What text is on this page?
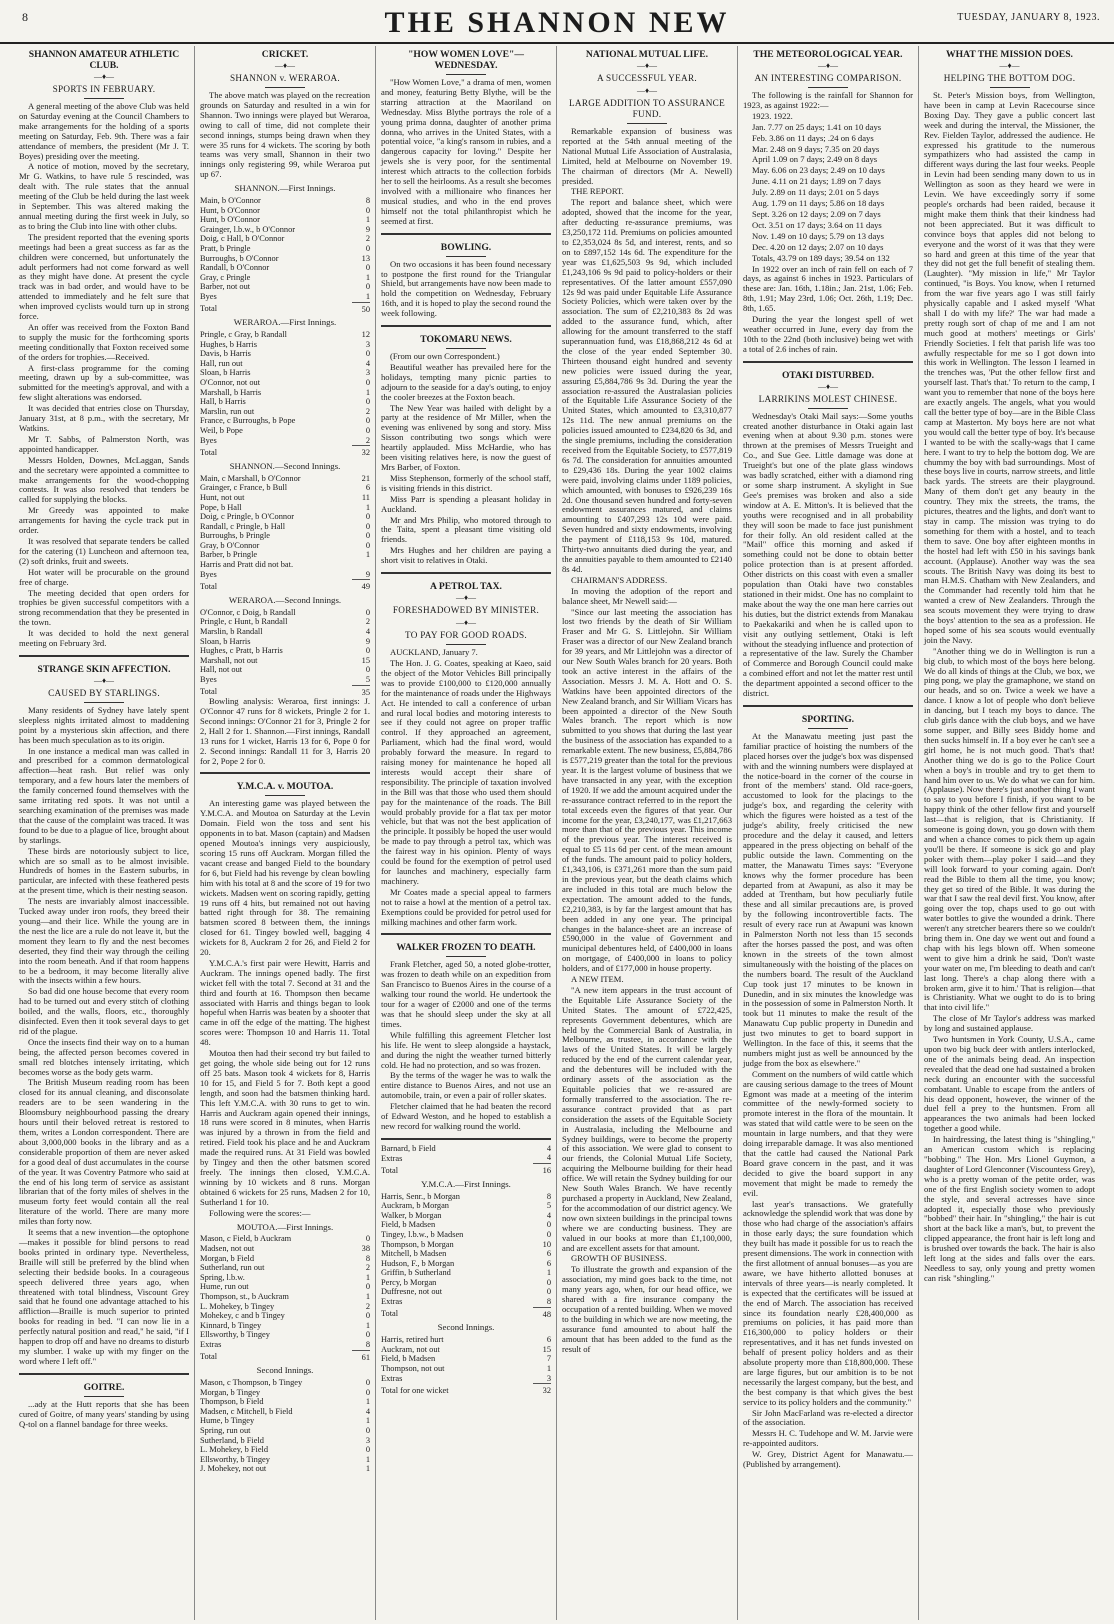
8	THE SHANNON NEW	TUESDAY, JANUARY 8, 1923.
SHANNON AMATEUR ATHLETIC CLUB.
—♦—
SPORTS IN FEBRUARY.

A general meeting of the above Club was held on Saturday evening at the Council Chambers to make arrangements for the holding of a sports meeting on Saturday, Feb. 9th. There was a fair attendance of members, the president (Mr J. T. Boyes) presiding over the meeting.

A notice of motion, moved by the secretary, Mr G. Watkins, to have rule 5 rescinded, was dealt with. The rule states that the annual meeting of the Club be held during the last week in September. This was altered making the annual meeting during the first week in July, so as to bring the Club into line with other clubs.

The president reported that the evening sports meetings had been a great success as far as the children were concerned, but unfortunately the adult performers had not come forward as well as they might have done. At present the cycle track was in bad order, and would have to be attended to immediately and he felt sure that when improved cyclists would turn up in strong force.

An offer was received from the Foxton Band to supply the music for the forthcoming sports meeting conditionally that Foxton received some of the orders for trophies.—Received.

A first-class programme for the coming meeting, drawn up by a sub-committee, was submitted for the meeting's approval, and with a few slight alterations was endorsed.

It was decided that entries close on Thursday, January 31st, at 8 p.m., with the secretary, Mr Watkins.

Mr T. Sabbs, of Palmerston North, was appointed handicapper.

Messrs Holden, Downes, McLaggan, Sands and the secretary were appointed a committee to make arrangements for the wood-chopping contests. It was also resolved that tenders be called for supplying the blocks.

Mr Greedy was appointed to make arrangements for having the cycle track put in order.

It was resolved that separate tenders be called for the catering (1) Luncheon and afternoon tea, (2) soft drinks, fruit and sweets.

Hot water will be procurable on the ground free of charge.

The meeting decided that open orders for trophies be given successful competitors with a strong recommendation that they be presented in the town.

It was decided to hold the next general meeting on February 3rd.

STRANGE SKIN AFFECTION.
—♦—
CAUSED BY STARLINGS.

Many residents of Sydney have lately spent sleepless nights irritated almost to maddening point by a mysterious skin affection, and there has been much speculation as to its origin.

In one instance a medical man was called in and prescribed for a common dermatological affection—heat rash. But relief was only temporary, and a few hours later the members of the family concerned found themselves with the same irritating red spots. It was not until a searching examination of the premises was made that the cause of the complaint was traced. It was found to be due to a plague of lice, brought about by starlings.

These birds are notoriously subject to lice, which are so small as to be almost invisible. Hundreds of homes in the Eastern suburbs, in particular, are infected with these feathered pests at the present time, which is their nesting season.

The nests are invariably almost inaccessible. Tucked away under iron roofs, they breed their young—and their lice. While the young are in the nest the lice are a rule do not leave it, but the moment they learn to fly and the nest becomes deserted, they find their way through the ceiling into the room beneath. And if that room happens to be a bedroom, it may become literally alive with the insects within a few hours.

So bad did one house become that every room had to be turned out and every stitch of clothing boiled, and the walls, floors, etc., thoroughly disinfected. Even then it took several days to get rid of the plague.

Once the insects find their way on to a human being, the affected person becomes covered in small red blotches intensely irritating, which becomes worse as the body gets warm.

The British Museum reading room has been closed for its annual cleaning, and disconsolate readers are to be seen wandering in the Bloomsbury neighbourhood passing the dreary hours until their beloved retreat is restored to them, writes a London correspondent. There are about 3,000,000 books in the library and as a considerable proportion of them are never asked for a good deal of dust accumulates in the course of the year. It was Coventry Patmore who said at the end of his long term of service as assistant librarian that of the forty miles of shelves in the museum forty feet would contain all the real literature of the world. There are many more miles than forty now.

It seems that a new invention—the optophone—makes it possible for blind persons to read books printed in ordinary type. Nevertheless, Braille will still be preferred by the blind when selecting their bedside books. In a courageous speech delivered three years ago, when threatened with total blindness, Viscount Grey said that he found one advantage attached to his affliction—Braille is much superior to printed books for reading in bed. "I can now lie in a perfectly natural position and read," he said, "if I happen to drop off and have no dreams to disturb my slumber. I wake up with my finger on the word where I left off."

GOITRE.

...ady at the Hutt reports that she has been cured of Goitre, of many years' standing by using Q-tol on a flannel bandage for three weeks.

CRICKET.
—♦—
SHANNON v. WERAROA.

The above match was played on the recreation grounds on Saturday and resulted in a win for Shannon. Two innings were played but Weraroa, owing to call of time, did not complete their second innings, stumps being drawn when they were 35 runs for 4 wickets. The scoring by both teams was very small, Shannon in their two innings only registering 99, while Weraroa put up 67.

SHANNON.—First Innings.
Main, b O'Connor	8
Hunt, b O'Connor	0
Hunt, b O'Connor	1
Grainger, l.b.w., b O'Connor	9
Doig, c Hall, b O'Connor	2
Pratt, b Pringle	0
Burroughs, b O'Connor	13
Randall, b O'Connor	0
Gray, c Pringle	1
Barber, not out	0
Byes	1
Total	50
WERAROA.—First Innings.
Pringle, c Gray, b Randall	12
Hughes, b Harris	3
Davis, b Harris	0
Hall, run out	4
Sloan, b Harris	3
O'Connor, not out	0
Marshall, b Harris	1
Hall, b Harris	0
Marslin, run out	2
France, c Burroughs, b Pope	0
Weil, b Pope	0
Byes	2
Total	32
SHANNON.—Second Innings.
Main, c Marshall, b O'Connor	21
Grainger, c France, b Bull	6
Hunt, not out	11
Pope, b Hall	1
Doig, c Pringle, b O'Connor	0
Randall, c Pringle, b Hall	0
Burroughs, b Pringle	0
Gray, b O'Connor	0
Barber, b Pringle	1
Harris and Pratt did not bat.	
Byes	9
Total	49
WERAROA.—Second Innings.
O'Connor, c Doig, b Randall	0
Pringle, c Hunt, b Randall	2
Marslin, b Randall	4
Sloan, b Harris	9
Hughes, c Pratt, b Harris	0
Marshall, not out	15
Hall, not out	0
Byes	5
Total	35

Bowling analysis: Weraroa, first innings: J. O'Connor 47 runs for 8 wickets, Pringle 2 for 1. Second innings: O'Connor 21 for 3, Pringle 2 for 2, Hall 2 for 1. Shannon.—First innings, Randall 13 runs for 1 wicket, Harris 13 for 6, Pope 0 for 2. Second innings: Randall 11 for 3, Harris 20 for 2, Pope 2 for 0.

Y.M.C.A. v. MOUTOA.

An interesting game was played between the Y.M.C.A. and Moutoa on Saturday at the Levin Domain. Field won the toss and sent his opponents in to bat. Mason (captain) and Madsen opened Moutoa's innings very auspiciously, scoring 15 runs off Auckram. Morgan filled the vacant crease and banged Field to the boundary for 6, but Field had his revenge by clean bowling him with his total at 8 and the score of 19 for two wickets. Madsen went on scoring rapidly, getting 19 runs off 4 hits, but remained not out having batted right through for 38. The remaining batsmen scored 8 between them, the innings closed for 61. Tingey bowled well, bagging 4 wickets for 8, Auckram 2 for 26, and Field 2 for 20.

Y.M.C.A.'s first pair were Hewitt, Harris and Auckram. The innings opened badly. The first wicket fell with the total 7. Second at 31 and the third and fourth at 16. Thompson then became associated with Harris and things began to look hopeful when Harris was beaten by a shooter that came in off the edge of the matting. The highest scores were: Thompson 10 and Harris 11. Total 48.

Moutoa then had their second try but failed to get going, the whole side being out for 12 runs off 25 bats. Mason took 4 wickets for 8, Harris 10 for 15, and Field 5 for 7. Both kept a good length, and soon had the batsmen thinking hard. This left Y.M.C.A. with 30 runs to get to win. Harris and Auckram again opened their innings, 18 runs were scored in 8 minutes, when Harris was injured by a thrown in from the field and retired. Field took his place and he and Auckram made the required runs. At 31 Field was bowled by Tingey and then the other batsmen scored freely. The innings then closed, Y.M.C.A. winning by 10 wickets and 8 runs. Morgan obtained 6 wickets for 25 runs, Madsen 2 for 10, Sutherland 1 for 10.

Following were the scores:—

MOUTOA.—First Innings.
Mason, c Field, b Auckram	0
Madsen, not out	38
Morgan, b Field	8
Sutherland, run out	2
Spring, l.b.w.	1
Hume, run out	0
Thompson, st., b Auckram	1
L. Mohekey, b Tingey	2
Mohekey, c and b Tingey	0
Kinnard, b Tingey	1
Ellsworthy, b Tingey	0
Extras	8
Total	61
Second Innings.
Mason, c Thompson, b Tingey	0
Morgan, b Tingey	0
Thompson, b Field	1
Madsen, c Mitchell, b Field	4
Hume, b Tingey	1
Spring, run out	0
Sutherland, b Field	3
L. Mohekey, b Field	0
Ellsworthy, b Tingey	1
J. Mohekey, not out	1
"HOW WOMEN LOVE"—WEDNESDAY.

"How Women Love," a drama of men, women and money, featuring Betty Blythe, will be the starring attraction at the Maoriland on Wednesday. Miss Blythe portrays the role of a young prima donna, daughter of another prima donna, who arrives in the United States, with a potential voice, "a king's ransom in rubies, and a dangerous capacity for loving." Despite her jewels she is very poor, for the sentimental interest which attracts to the collection forbids her to sell the heirlooms. As a result she becomes involved with a millionaire who finances her musical studies, and who in the end proves himself not the total philanthropist which he seemed at first.

BOWLING.

On two occasions it has been found necessary to postpone the first round for the Triangular Shield, but arrangements have now been made to hold the competition on Wednesday, February 16th, and it is hoped to play the second round the week following.

TOKOMARU NEWS.

(From our own Correspondent.)

Beautiful weather has prevailed here for the holidays, tempting many picnic parties to adjourn to the seaside for a day's outing, to enjoy the cooler breezes at the Foxton beach.

The New Year was hailed with delight by a party at the residence of Mr Miller, when the evening was enlivened by song and story. Miss Sisson contributing two songs which were heartily applauded. Miss McHardie, who has been visiting relatives here, is now the guest of Mrs Barber, of Foxton.

Miss Stephenson, formerly of the school staff, is visiting friends in this district.

Miss Parr is spending a pleasant holiday in Auckland.

Mr and Mrs Philip, who motored through to the Taita, spent a pleasant time visiting old friends.

Mrs Hughes and her children are paying a short visit to relatives in Otaki.

A PETROL TAX.
—♦—
FORESHADOWED BY MINISTER.
—♦—
TO PAY FOR GOOD ROADS.

AUCKLAND, January 7.

The Hon. J. G. Coates, speaking at Kaeo, said the object of the Motor Vehicles Bill principally was to provide £100,000 to £120,000 annually for the maintenance of roads under the Highways Act. He intended to call a conference of urban and rural local bodies and motoring interests to see if they could not agree on proper traffic control. If they approached an agreement, Parliament, which had the final word, would probably forward the measure. In regard to raising money for maintenance he hoped all interests would accept their share of responsibility. The principle of taxation involved in the Bill was that those who used them should pay for the maintenance of the roads. The Bill would probably provide for a flat tax per motor vehicle, but that was not the best application of the principle. It possibly be hoped the user would be made to pay through a petrol tax, which was the fairest way in his opinion. Plenty of ways could be found for the exemption of petrol used for launches and machinery, especially farm machinery.

Mr Coates made a special appeal to farmers not to raise a howl at the mention of a petrol tax. Exemptions could be provided for petrol used for milking machines and other farm work.

WALKER FROZEN TO DEATH.

Frank Fletcher, aged 50, a noted globe-trotter, was frozen to death while on an expedition from San Francisco to Buenos Aires in the course of a walking tour round the world. He undertook the tour for a wager of £2000 and one of the terms was that he should sleep under the sky at all times.

While fulfilling this agreement Fletcher lost his life. He went to sleep alongside a haystack, and during the night the weather turned bitterly cold. He had no protection, and so was frozen.

By the terms of the wager he was to walk the entire distance to Buenos Aires, and not use an automobile, train, or even a pair of roller skates.

Fletcher claimed that he had beaten the record of Edward Weston, and he hoped to establish a new record for walking round the world.

Barnard, b Field	4
Extras	4
Total	16
Y.M.C.A.—First Innings.
Harris, Senr., b Morgan	8
Auckram, b Morgan	5
Walker, b Morgan	4
Field, b Madsen	0
Tingey, l.b.w., b Madsen	0
Thompson, b Morgan	10
Mitchell, b Madsen	6
Hudson, F., b Morgan	6
Griffin, b Sutherland	1
Percy, b Morgan	0
Duffresne, not out	0
Extras	8
Total	48
Second Innings.
Harris, retired hurt	6
Auckram, not out	15
Field, b Madsen	7
Thompson, not out	1
Extras	3
Total for one wicket	32
NATIONAL MUTUAL LIFE.
—♦—
A SUCCESSFUL YEAR.
—♦—
LARGE ADDITION TO ASSURANCE FUND.

Remarkable expansion of business was reported at the 54th annual meeting of the National Mutual Life Association of Australasia, Limited, held at Melbourne on November 19. The chairman of directors (Mr A. Newell) presided.

THE REPORT.

The report and balance sheet, which were adopted, showed that the income for the year, after deducting re-assurance premiums, was £3,250,172 11d. Premiums on policies amounted to £2,353,024 8s 5d, and interest, rents, and so on to £897,152 14s 6d. The expenditure for the year was £1,625,503 9s 9d, which included £1,243,106 9s 9d paid to policy-holders or their representatives. Of the latter amount £557,090 12s 9d was paid under Equitable Life Assurance Society Policies, which were taken over by the association. The sum of £2,210,383 8s 2d was added to the assurance fund, which, after allowing for the amount transferred to the staff superannuation fund, was £18,868,212 4s 6d at the close of the year ended September 30. Thirteen thousand eight hundred and seventy new policies were issued during the year, assuring £5,884,786 9s 3d. During the year the association re-assured the Australasian policies of the Equitable Life Assurance Society of the United States, which amounted to £3,310,877 12s 11d. The new annual premiums on the policies issued amounted to £234,820 6s 3d, and the single premiums, including the consideration received from the Equitable Society, to £577,819 6s 7d. The consideration for annuities amounted to £29,436 18s. During the year 1002 claims were paid, involving claims under 1189 policies, which amounted, with bonuses to £926,239 16s 2d. One thousand seven hundred and forty-seven endowment assurances matured, and claims amounting to £407,293 12s 10d were paid. Seven hundred and sixty endowments, involving the payment of £118,153 9s 10d, matured. Thirty-two annuitants died during the year, and the annuities payable to them amounted to £2140 8s 4d.

CHAIRMAN'S ADDRESS.

In moving the adoption of the report and balance sheet, Mr Newell said:—

"Since our last meeting the association has lost two friends by the death of Sir William Fraser and Mr G. S. Littlejohn. Sir William Fraser was a director of our New Zealand branch for 39 years, and Mr Littlejohn was a director of our New South Wales branch for 20 years. Both took an active interest in the affairs of the Association. Messrs J. M. A. Hott and O. S. Watkins have been appointed directors of the New Zealand branch, and Sir William Vicars has been appointed a director of the New South Wales branch. The report which is now submitted to you shows that during the last year the business of the association has expanded to a remarkable extent. The new business, £5,884,786 is £577,219 greater than the total for the previous year. It is the largest volume of business that we have transacted in any year, with the exception of 1920. If we add the amount acquired under the re-assurance contract referred to in the report the total exceeds even the figures of that year. Our income for the year, £3,240,177, was £1,217,663 more than that of the previous year. This income of the previous year. The interest received is equal to £5 11s 6d per cent. of the mean amount of the funds. The amount paid to policy holders, £1,343,106, is £371,261 more than the sum paid in the previous year, but the death claims which are included in this total are much below the expectation. The amount added to the funds, £2,210,383, is by far the largest amount that has been added in any one year. The principal changes in the balance-sheet are an increase of £590,000 in the value of Government and municipal debentures held, of £400,000 in loans on mortgage, of £400,000 in loans to policy holders, and of £177,000 in house property.

A NEW ITEM.

"A new item appears in the trust account of the Equitable Life Assurance Society of the United States. The amount of £722,425, represents Government debentures, which are held by the Commercial Bank of Australia, in Melbourne, as trustee, in accordance with the laws of the United States. It will be largely reduced by the end of the current calendar year, and the debentures will be included with the ordinary assets of the association as the Equitable policies that we re-assured are formally transferred to the association. The re-assurance contract provided that as part consideration the assets of the Equitable Society in Australasia, including the Melbourne and Sydney buildings, were to become the property of this association. We were glad to consent to our friends, the Colonial Mutual Life Society, acquiring the Melbourne building for their head office. We will retain the Sydney building for our New South Wales Branch. We have recently purchased a property in Auckland, New Zealand, for the accommodation of our district agency. We now own sixteen buildings in the principal towns where we are conducting business. They are valued in our books at more than £1,100,000, and are excellent assets for that amount.

GROWTH OF BUSINESS.

To illustrate the growth and expansion of the association, my mind goes back to the time, not many years ago, when, for our head office, we shared with a fire insurance company the occupation of a rented building. When we moved to the building in which we are now meeting, the assurance fund amounted to about half the amount that has been added to the fund as the result of

THE METEOROLOGICAL YEAR.
—♦—
AN INTERESTING COMPARISON.

The following is the rainfall for Shannon for 1923, as against 1922:—

1923. 1922.

Jan. 7.77 on 25 days; 1.41 on 10 days

Feb. 3.86 on 11 days; .24 on 6 days

Mar. 2.48 on 9 days; 7.35 on 20 days

April 1.09 on 7 days; 2.49 on 8 days

May. 6.06 on 23 days; 2.49 on 10 days

June. 4.11 on 21 days; 1.89 on 7 days

July. 2.89 on 11 days; 2.01 on 5 days

Aug. 1.79 on 11 days; 5.86 on 18 days

Sept. 3.26 on 12 days; 2.09 on 7 days

Oct. 3.51 on 17 days; 3.64 on 11 days

Nov. 1.49 on 10 days; 5.79 on 13 days

Dec. 4.20 on 12 days; 2.07 on 10 days

Totals, 43.79 on 189 days; 39.54 on 132

In 1922 over an inch of rain fell on each of 7 days, as against 6 inches in 1923. Particulars of these are: Jan. 16th, 1.18in.; Jan. 21st, 1.06; Feb. 8th, 1.91; May 23rd, 1.06; Oct. 26th, 1.19; Dec. 8th, 1.65.

During the year the longest spell of wet weather occurred in June, every day from the 10th to the 22nd (both inclusive) being wet with a total of 2.6 inches of rain.

OTAKI DISTURBED.
—♦—
LARRIKINS MOLEST CHINESE.

Wednesday's Otaki Mail says:—Some youths created another disturbance in Otaki again last evening when at about 9.30 p.m. stones were thrown at the premises of Messrs Trueight and Co., and Sue Gee. Little damage was done at Trueight's but one of the plate glass windows was badly scratched, either with a diamond ring or some sharp instrument. A skylight in Sue Gee's premises was broken and also a side window at A. E. Mitton's. It is believed that the youths were recognised and in all probability they will soon be made to face just punishment for their folly. An old resident called at the "Mail" office this morning and asked if something could not be done to obtain better police protection than is at present afforded. Other districts on this coast with even a smaller population than Otaki have two constables stationed in their midst. One has no complaint to make about the way the one man here carries out his duties, but the district extends from Manakau to Paekakariki and when he is called upon to visit any outlying settlement, Otaki is left without the steadying influence and protection of a representative of the law. Surely the Chamber of Commerce and Borough Council could make a combined effort and not let the matter rest until the department appointed a second officer to the district.

SPORTING.

At the Manawatu meeting just past the familiar practice of hoisting the numbers of the placed horses over the judge's box was dispensed with and the winning numbers were displayed at the notice-board in the corner of the course in front of the members' stand. Old race-goers, accustomed to look for the placings to the judge's box, and regarding the celerity with which the figures were hoisted as a test of the judge's ability, freely criticised the new procedure and the delay it caused, and letters appeared in the press objecting on behalf of the public outside the lawn. Commenting on the matter, the Manawatu Times says: "Everyone knows why the former procedure has been departed from at Awapuni, as also it may be added at Trentham, but how peculiarly futile these and all similar precautions are, is proved by the following incontrovertible facts. The result of every race run at Awapuni was known in Palmerston North not less than 15 seconds after the horses passed the post, and was often known in the streets of the town almost simultaneously with the hoisting of the places on the numbers board. The result of the Auckland Cup took just 17 minutes to be known in Dunedin, and in six minutes the knowledge was in the possession of some in Palmerston North. It took but 11 minutes to make the result of the Manawatu Cup public property in Dunedin and just two minutes to get to board support in Wellington. In the face of this, it seems that the numbers might just as well be announced by the judge from the box as elsewhere."

Comment on the numbers of wild cattle which are causing serious damage to the trees of Mount Egmont was made at a meeting of the interim committee of the newly-formed society to promote interest in the flora of the mountain. It was stated that wild cattle were to be seen on the mountain in large numbers, and that they were doing irreparable damage. It was also mentioned that the cattle had caused the National Park Board grave concern in the past, and it was decided to give the board support in any movement that might be made to remedy the evil.

last year's transactions. We gratefully acknowledge the splendid work that was done by those who had charge of the association's affairs in those early days; the sure foundation which they built has made it possible for us to reach the present dimensions. The work in connection with the first allotment of annual bonuses—as you are aware, we have hitherto allotted bonuses at intervals of three years—is nearly completed. It is expected that the certificates will be issued at the end of March. The association has received since its foundation nearly £28,400,000 as premiums on policies, it has paid more than £16,300,000 to policy holders or their representatives, and it has net funds invested on behalf of present policy holders and as their absolute property more than £18,800,000. These are large figures, but our ambition is to be not necessarily the largest company, but the best, and the best company is that which gives the best service to its policy holders and the community."

Sir John MacFarland was re-elected a director of the association.

Messrs H. C. Tudehope and W. M. Jarvie were re-appointed auditors.

W. Grey, District Agent for Manawatu.—(Published by arrangement).

WHAT THE MISSION DOES.
—♦—
HELPING THE BOTTOM DOG.

St. Peter's Mission boys, from Wellington, have been in camp at Levin Racecourse since Boxing Day. They gave a public concert last week and during the interval, the Missioner, the Rev. Fielden Taylor, addressed the audience. He expressed his gratitude to the numerous sympathizers who had assisted the camp in different ways during the last four weeks. People in Levin had been sending many down to us in Wellington as soon as they heard we were in Levin. We have exceedingly sorry if some people's orchards had been raided, because it might make them think that their kindness had not been appreciated. But it was difficult to convince boys that apples did not belong to everyone and the worst of it was that they were so hard and green at this time of the year that they did not get the full benefit of stealing them. (Laughter). "My mission in life," Mr Taylor continued, "is Boys. You know, when I returned from the war five years ago I was still fairly physically capable and I asked myself 'What shall I do with my life?' The war had made a pretty rough sort of chap of me and I am not much good at mothers' meetings or Girls' Friendly Societies. I felt that parish life was too awfully respectable for me so I got down into this work in Wellington. The lesson I learned in the trenches was, 'Put the other fellow first and yourself last. That's that.' To return to the camp, I want you to remember that none of the boys here are exactly angels. The angels, what you would call the better type of boy—are in the Bible Class camp at Masterton. My boys here are not what you would call the better type of boy. It's because I wanted to be with the scally-wags that I came here. I want to try to help the bottom dog. We are chummy the boy with bad surroundings. Most of these boys live in courts, narrow streets, and little back yards. The streets are their playground. Many of them don't get any beauty in the country. They mix the streets, the trams, the pictures, theatres and the lights, and don't want to stay in camp. The mission was trying to do something for them with a hostel, and to teach them to save. One boy after eighteen months in the hostel had left with £50 in his savings bank account. (Applause). Another way was the sea scouts. The British Navy was doing its best to man H.M.S. Chatham with New Zealanders, and the Commander had recently told him that he wanted a crew of New Zealanders. Through the sea scouts movement they were trying to draw the boys' attention to the sea as a profession. He hoped some of his sea scouts would eventually join the Navy.

"Another thing we do in Wellington is run a big club, to which most of the boys here belong. We do all kinds of things at the Club, we box, we ping pong, we play the gramaphone, we stand on our heads, and so on. Twice a week we have a dance. I know a lot of people who don't believe in dancing, but I teach my boys to dance. The club girls dance with the club boys, and we have some supper, and Billy sees Biddy home and then sucks himself in. If a boy ever he can't see a girl home, he is not much good. That's that! Another thing we do is go to the Police Court when a boy's in trouble and try to get them to hand him over to us. We do what we can for him. (Applause). Now there's just another thing I want to say to you before I finish, if you want to be happy think of the other fellow first and yourself last—that is religion, that is Christianity. If someone is going down, you go down with them and when a chance comes to pick them up again you'll be there. If someone is sick go and play poker with them—play poker I said—and they will look forward to your coming again. Don't read the Bible to them all the time, you know; they get so tired of the Bible. It was during the war that I saw the real devil first. You know, after going over the top, chaps used to go out with water bottles to give the wounded a drink. There weren't any stretcher bearers there so we couldn't bring them in. One day we went out and found a chap with his legs blown off. When someone went to give him a drink he said, 'Don't waste your water on me, I'm bleeding to death and can't last long. There's a chap along there with a broken arm, give it to him.' That is religion—that is Christianity. What we ought to do is to bring that into civil life."

The close of Mr Taylor's address was marked by long and sustained applause.

Two huntsmen in York County, U.S.A., came upon two big buck deer with antlers interlocked, one of the animals being dead. An inspection revealed that the dead one had sustained a broken neck during an encounter with the successful combatant. Unable to escape from the antlers of his dead opponent, however, the winner of the duel fell a prey to the huntsmen. From all appearances the two animals had been locked together a good while.

In hairdressing, the latest thing is "shingling," an American custom which is replacing "bobbing." The Hon. Mrs Lionel Guymon, a daughter of Lord Glenconner (Viscountess Grey), who is a pretty woman of the petite order, was one of the first English society women to adopt the style, and several actresses have since adopted it, especially those who previously "bobbed" their hair. In "shingling," the hair is cut short at the back like a man's, but, to prevent the clipped appearance, the front hair is left long and is brushed over towards the back. The hair is also left long at the sides and falls over the ears. Needless to say, only young and pretty women can risk "shingling."
